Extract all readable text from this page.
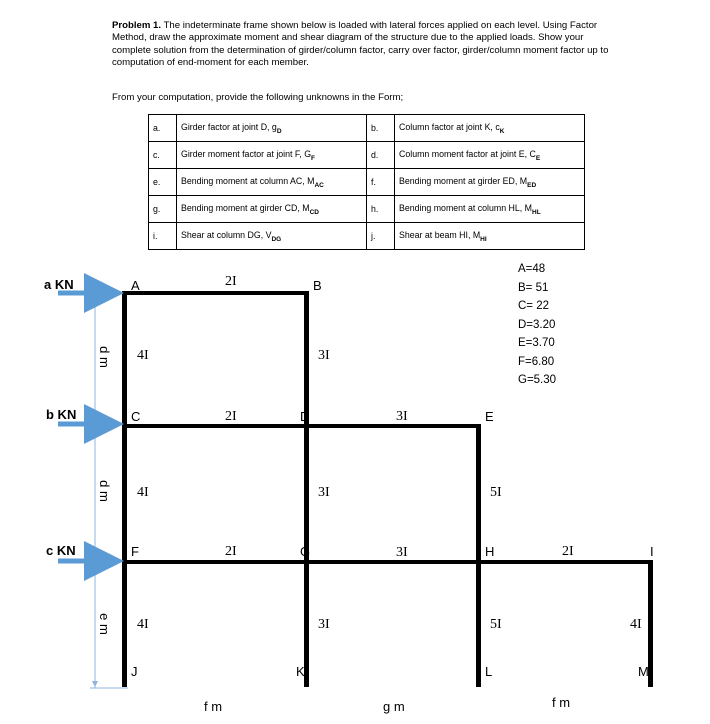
Problem 1. The indeterminate frame shown below is loaded with lateral forces applied on each level. Using Factor Method, draw the approximate moment and shear diagram of the structure due to the applied loads. Show your complete solution from the determination of girder/column factor, carry over factor, girder/column moment factor up to computation of end-moment for each member.
From your computation, provide the following unknowns in the Form;
a.	Girder factor at joint D, $g_D$	b.	Column factor at joint K, $c_K$
c.	Girder moment factor at joint F, $G_F$	d.	Column moment factor at joint E, $C_E$
e.	Bending moment at column AC, $M_{AC}$	f.	Bending moment at girder ED, $M_{ED}$
g.	Bending moment at girder CD, $M_{CD}$	h.	Bending moment at column HL, $M_{HL}$
i.	Shear at column DG, $V_{DG}$	j.	Shear at beam HI, $M_{HI}$
A=48
B= 51
C= 22
D=3.20
E=3.70
F=6.80
G=5.30
a KN
b KN
c KN
d m
d m
e m
A	B
C	D	E
F	G	H	I
J	K	L	M
4I	3I
2I
2I	3I
4I	3I	5I
2I	3I	2I
4I	3I	5I	4I
f m	g m	f m
